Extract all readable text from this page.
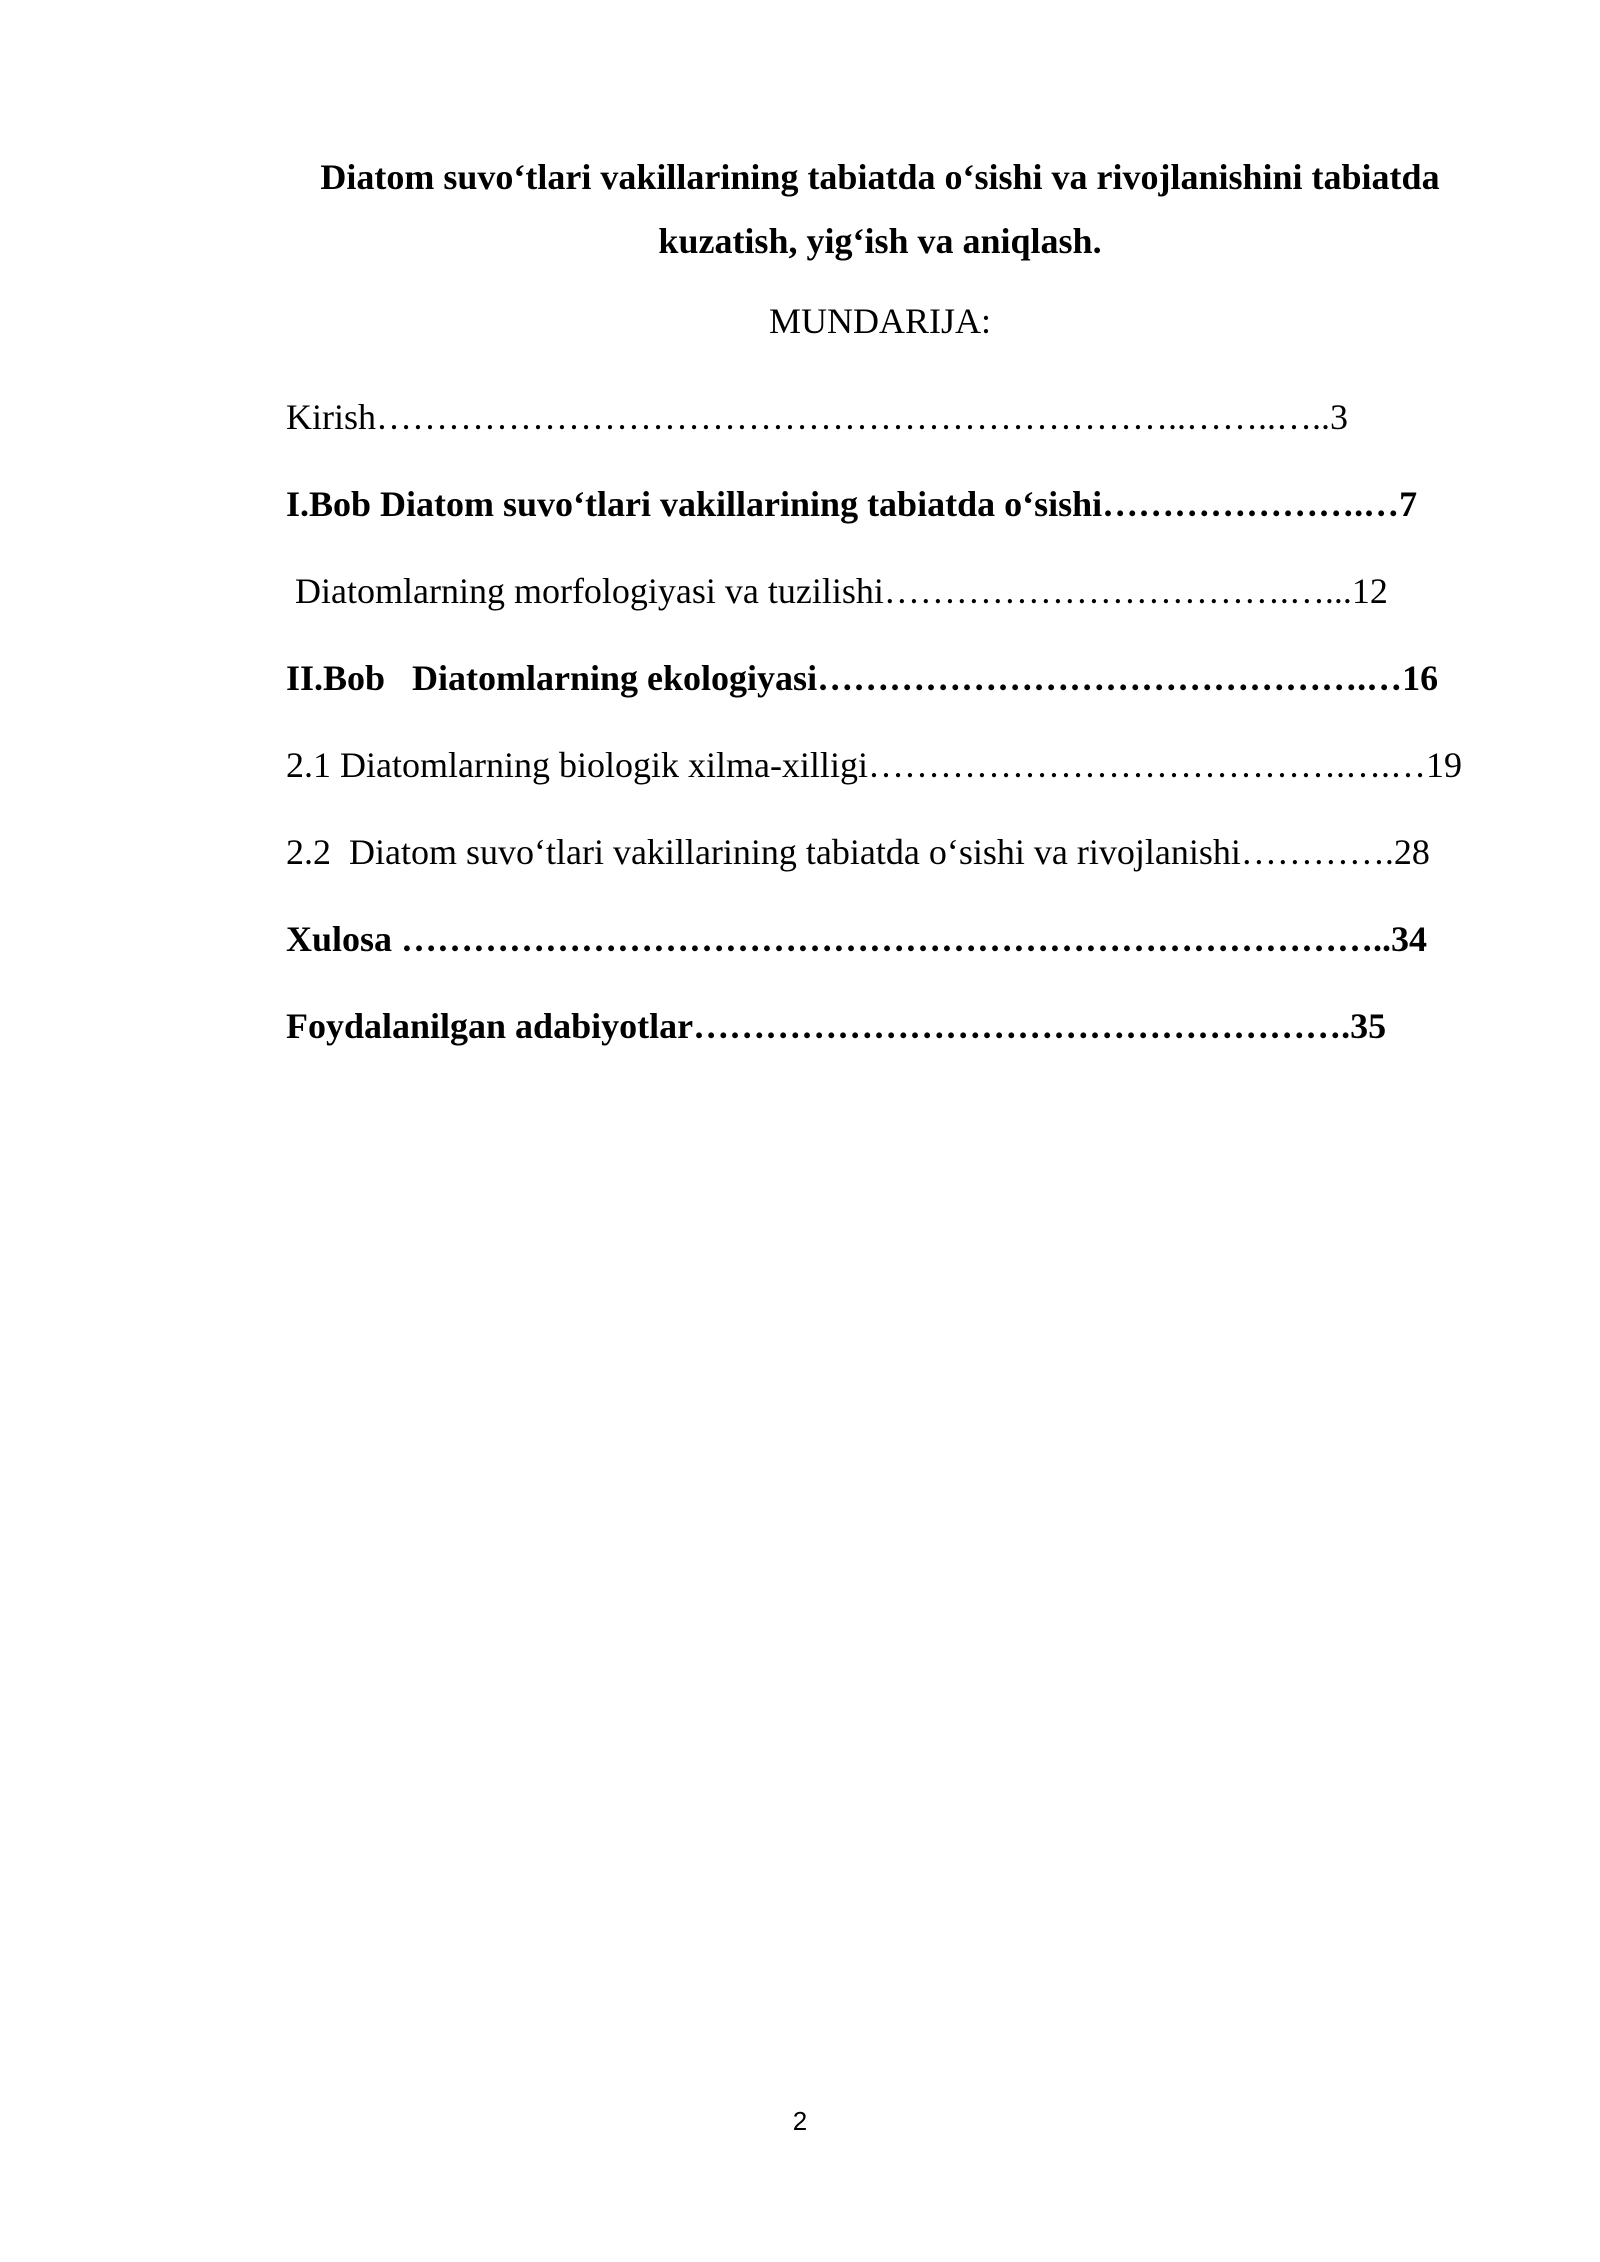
Diatom suvo‘tlari vakillarining tabiatda o‘sishi va rivojlanishini tabiatda
kuzatish, yig‘ish va aniqlash.
MUNDARIJA:
Kirish…………………………………………………………..……..…..3
I.Bob Diatom suvo‘tlari vakillarining tabiatda o‘sishi………………….…7
Diatomlarning morfologiyasi va tuzilishi…………………………….…...12
II.Bob   Diatomlarning ekologiyasi……………………………………….…16
2.1 Diatomlarning biologik xilma-xilligi………………………………….….…19
2.2  Diatom suvo‘tlari vakillarining tabiatda o‘sishi va rivojlanishi………….28
Xulosa ………………………………………………………………………..34
Foydalanilgan adabiyotlar……………………………………………….35
2
